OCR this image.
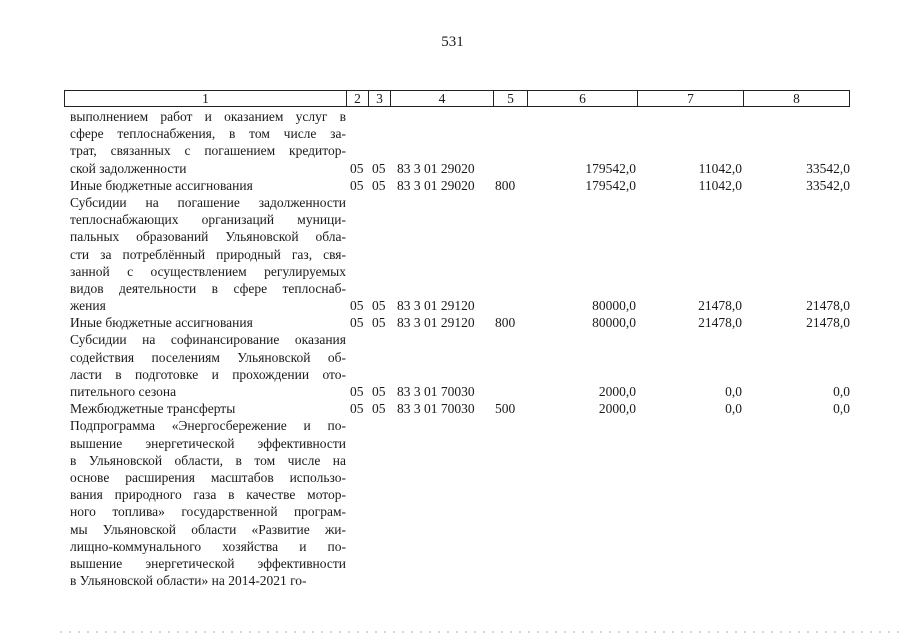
531
1	2	3	4	5	6	7	8
выполнением работ и оказанием услуг в
сфере теплоснабжения, в том числе за-
трат, связанных с погашением кредитор-
ской задолженности	05 05 83 3 01 29020	179542,0	11042,0	33542,0
Иные бюджетные ассигнования	05 05 83 3 01 29020 800	179542,0	11042,0	33542,0
Субсидии на погашение задолженности
теплоснабжающих организаций муници-
пальных образований Ульяновской обла-
сти за потреблённый природный газ, свя-
занной с осуществлением регулируемых
видов деятельности в сфере теплоснаб-
жения	05 05 83 3 01 29120	80000,0	21478,0	21478,0
Иные бюджетные ассигнования	05 05 83 3 01 29120 800	80000,0	21478,0	21478,0
Субсидии на софинансирование оказания
содействия поселениям Ульяновской об-
ласти в подготовке и прохождении ото-
пительного сезона	05 05 83 3 01 70030	2000,0	0,0	0,0
Межбюджетные трансферты	05 05 83 3 01 70030 500	2000,0	0,0	0,0
Подпрограмма «Энергосбережение и по-
вышение энергетической эффективности
в Ульяновской области, в том числе на
основе расширения масштабов использо-
вания природного газа в качестве мотор-
ного топлива» государственной програм-
мы Ульяновской области «Развитие жи-
лищно-коммунального хозяйства и по-
вышение энергетической эффективности
в Ульяновской области» на 2014-2021 го-
